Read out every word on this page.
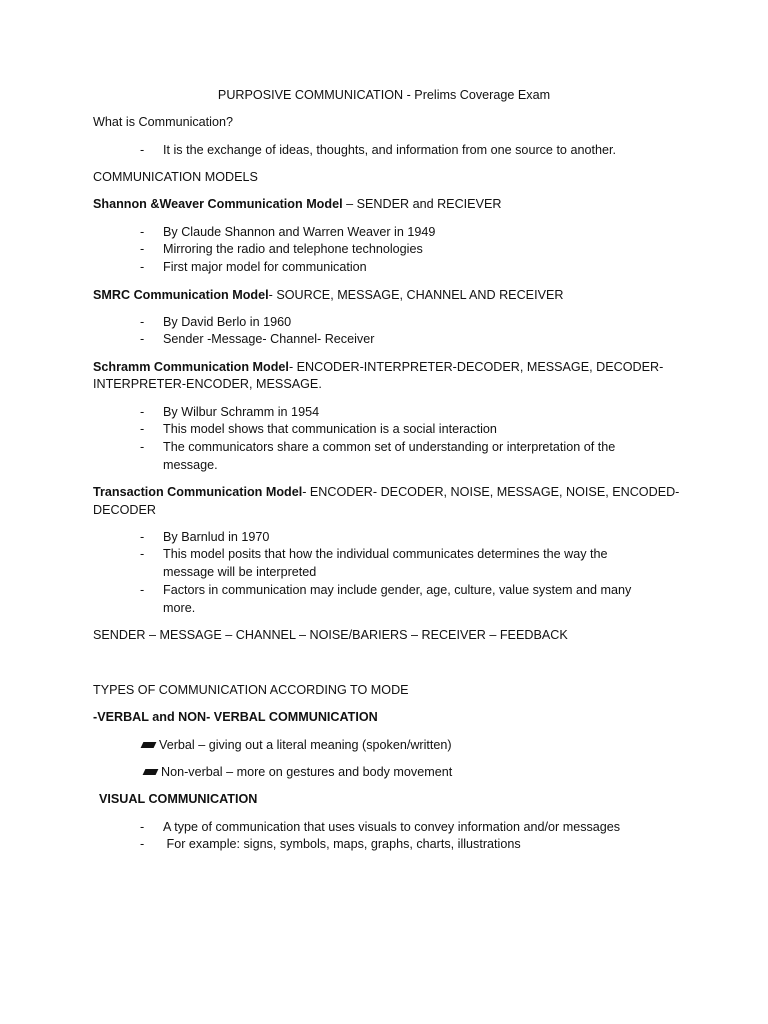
PURPOSIVE COMMUNICATION - Prelims Coverage Exam
What is Communication?
- It is the exchange of ideas, thoughts, and information from one source to another.
COMMUNICATION MODELS
Shannon &Weaver Communication Model – SENDER and RECIEVER
- By Claude Shannon and Warren Weaver in 1949
- Mirroring the radio and telephone technologies
- First major model for communication
SMRC Communication Model- SOURCE, MESSAGE, CHANNEL AND RECEIVER
- By David Berlo in 1960
- Sender -Message- Channel- Receiver
Schramm Communication Model- ENCODER-INTERPRETER-DECODER, MESSAGE, DECODER-
INTERPRETER-ENCODER, MESSAGE.
- By Wilbur Schramm in 1954
- This model shows that communication is a social interaction
- The communicators share a common set of understanding or interpretation of the
message.
Transaction Communication Model- ENCODER- DECODER, NOISE, MESSAGE, NOISE, ENCODED-
DECODER
- By Barnlud in 1970
- This model posits that how the individual communicates determines the way the
message will be interpreted
- Factors in communication may include gender, age, culture, value system and many
more.
SENDER – MESSAGE – CHANNEL – NOISE/BARIERS – RECEIVER – FEEDBACK
TYPES OF COMMUNICATION ACCORDING TO MODE
-VERBAL and NON- VERBAL COMMUNICATION
Verbal – giving out a literal meaning (spoken/written)
Non-verbal – more on gestures and body movement
VISUAL COMMUNICATION
- A type of communication that uses visuals to convey information and/or messages
- For example: signs, symbols, maps, graphs, charts, illustrations
